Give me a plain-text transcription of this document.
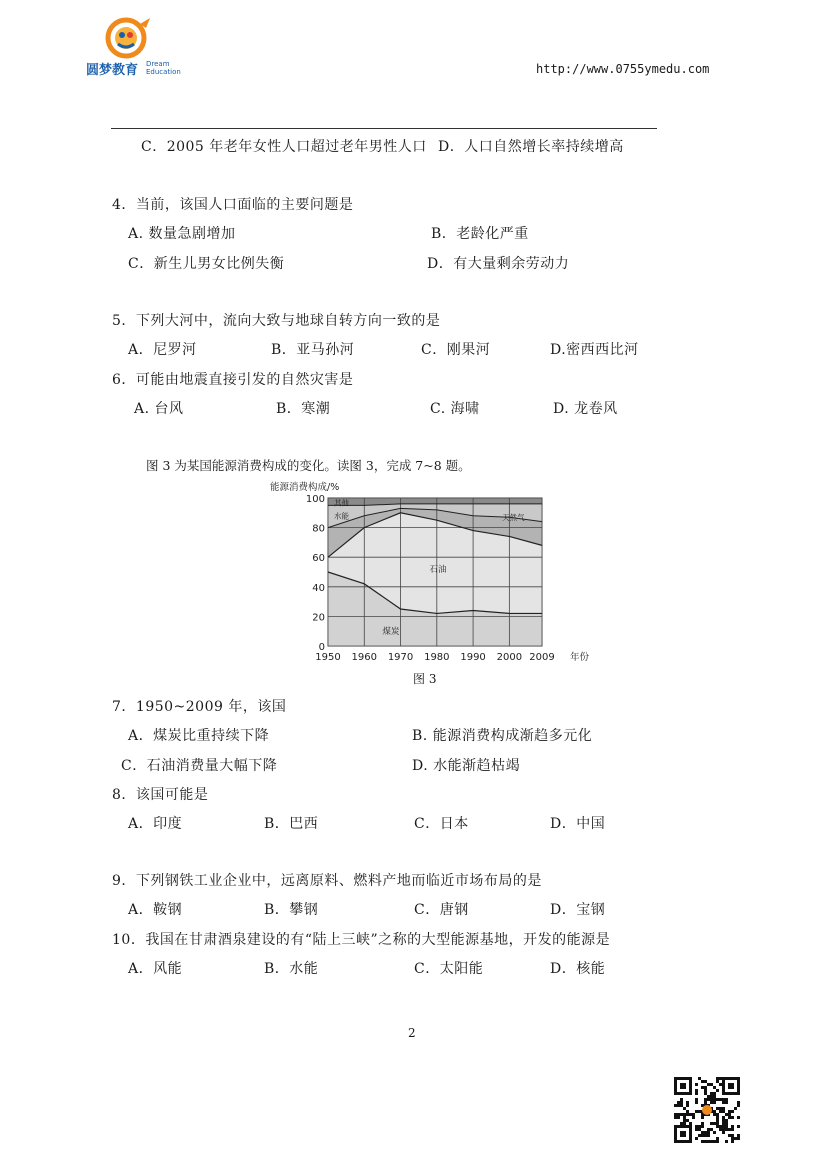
圆梦教育 Dream
Education	http://www.0755ymedu.com
C．2005 年老年女性人口超过老年男性人口 D．人口自然增长率持续增高
4．当前，该国人口面临的主要问题是
A. 数量急剧增加	B．老龄化严重
C．新生儿男女比例失衡	D．有大量剩余劳动力
5．下列大河中，流向大致与地球自转方向一致的是
A．尼罗河	B．亚马孙河	C．刚果河	D.密西西比河
6．可能由地震直接引发的自然灾害是
A. 台风	B．寒潮	C. 海啸	D. 龙卷风
图 3 为某国能源消费构成的变化。读图 3，完成 7~8 题。
0
20
40
60
80
100
1950 1960 1970 1980 1990 2000 2009
能源消费构成/%
年份
其他
水能	天然气
石油
煤炭
图 3
7．1950~2009 年，该国
A．煤炭比重持续下降	B. 能源消费构成渐趋多元化
C．石油消费量大幅下降	D. 水能渐趋枯竭
8．该国可能是
A．印度	B．巴西	C．日本	D．中国
9．下列钢铁工业企业中，远离原料、燃料产地而临近市场布局的是
A．鞍钢	B．攀钢	C．唐钢	D．宝钢
10．我国在甘肃酒泉建设的有“陆上三峡”之称的大型能源基地，开发的能源是
A．风能	B．水能	C．太阳能	D．核能
2
